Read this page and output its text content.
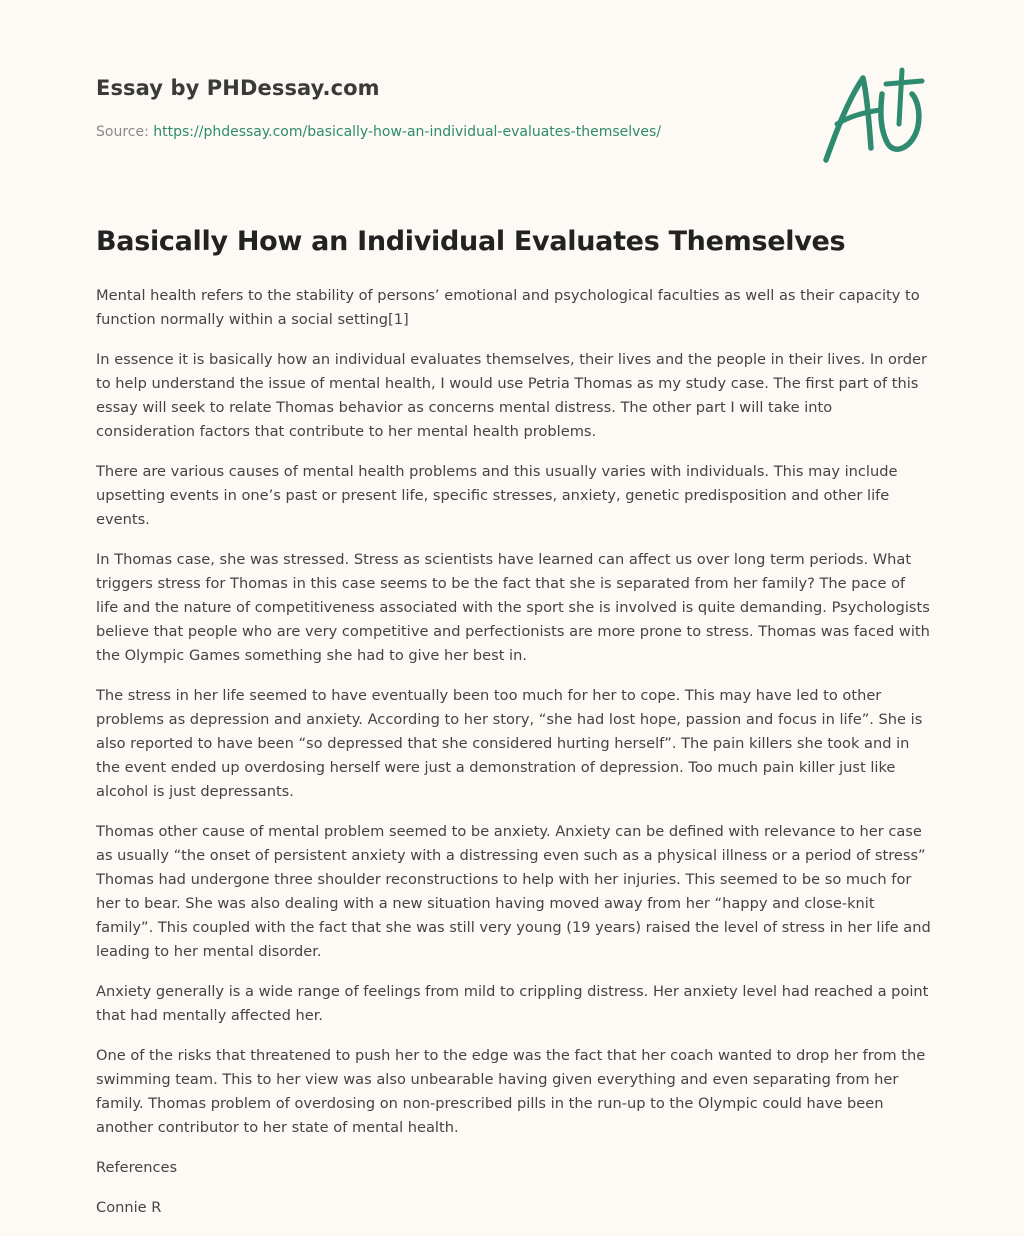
Essay by PHDessay.com
Source: https://phdessay.com/basically-how-an-individual-evaluates-themselves/
Basically How an Individual Evaluates Themselves

Mental health refers to the stability of persons’ emotional and psychological faculties as well as their capacity to function normally within a social setting[1]

In essence it is basically how an individual evaluates themselves, their lives and the people in their lives. In order to help understand the issue of mental health, I would use Petria Thomas as my study case. The first part of this essay will seek to relate Thomas behavior as concerns mental distress. The other part I will take into consideration factors that contribute to her mental health problems.

There are various causes of mental health problems and this usually varies with individuals. This may include upsetting events in one’s past or present life, specific stresses, anxiety, genetic predisposition and other life events.

In Thomas case, she was stressed. Stress as scientists have learned can affect us over long term periods. What triggers stress for Thomas in this case seems to be the fact that she is separated from her family? The pace of life and the nature of competitiveness associated with the sport she is involved is quite demanding. Psychologists believe that people who are very competitive and perfectionists are more prone to stress. Thomas was faced with the Olympic Games something she had to give her best in.

The stress in her life seemed to have eventually been too much for her to cope. This may have led to other problems as depression and anxiety. According to her story, “she had lost hope, passion and focus in life”. She is also reported to have been “so depressed that she considered hurting herself”. The pain killers she took and in the event ended up overdosing herself were just a demonstration of depression. Too much pain killer just like alcohol is just depressants.

Thomas other cause of mental problem seemed to be anxiety. Anxiety can be defined with relevance to her case as usually “the onset of persistent anxiety with a distressing even such as a physical illness or a period of stress” Thomas had undergone three shoulder reconstructions to help with her injuries. This seemed to be so much for her to bear. She was also dealing with a new situation having moved away from her “happy and close-knit family”. This coupled with the fact that she was still very young (19 years) raised the level of stress in her life and leading to her mental disorder.

Anxiety generally is a wide range of feelings from mild to crippling distress. Her anxiety level had reached a point that had mentally affected her.

One of the risks that threatened to push her to the edge was the fact that her coach wanted to drop her from the swimming team. This to her view was also unbearable having given everything and even separating from her family. Thomas problem of overdosing on non-prescribed pills in the run-up to the Olympic could have been another contributor to her state of mental health.

References

Connie R
